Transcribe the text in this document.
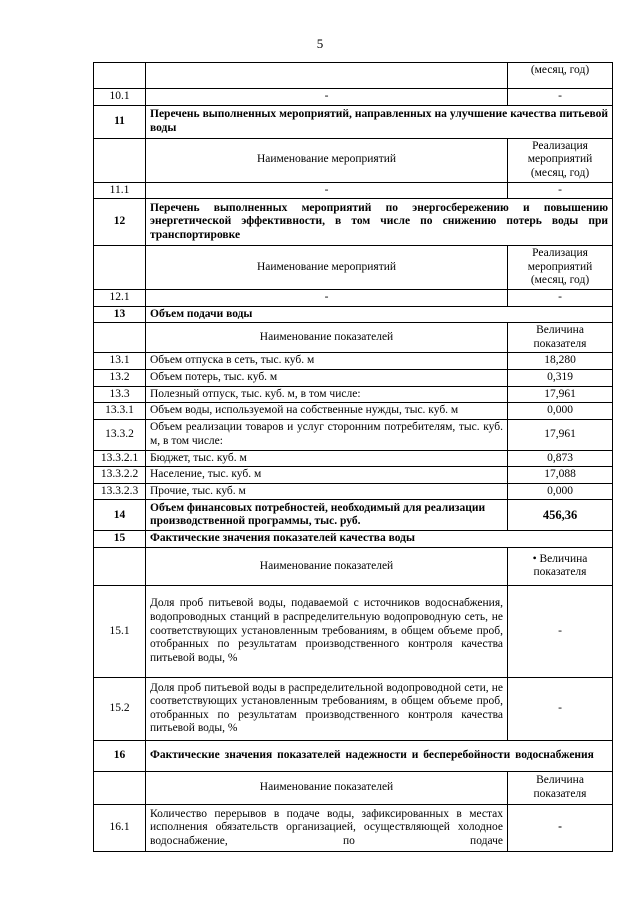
5
		(месяц, год)
10.1	-	-
11	Перечень выполненных мероприятий, направленных на улучшение качества питьевой воды	
	Наименование мероприятий	Реализация мероприятий (месяц, год)
11.1	-	-
12	Перечень выполненных мероприятий по энергосбережению и повышению энергетической эффективности, в том числе по снижению потерь воды при транспортировке	
	Наименование мероприятий	Реализация мероприятий (месяц, год)
12.1	-	-
13	Объем подачи воды	
	Наименование показателей	Величина показателя
13.1	Объем отпуска в сеть, тыс. куб. м	18,280
13.2	Объем потерь, тыс. куб. м	0,319
13.3	Полезный отпуск, тыс. куб. м, в том числе:	17,961
13.3.1	Объем воды, используемой на собственные нужды, тыс. куб. м	0,000
13.3.2	Объем реализации товаров и услуг сторонним потребителям, тыс. куб. м, в том числе:	17,961
13.3.2.1	Бюджет, тыс. куб. м	0,873
13.3.2.2	Население, тыс. куб. м	17,088
13.3.2.3	Прочие, тыс. куб. м	0,000
14	Объем финансовых потребностей, необходимый для реализации производственной программы, тыс. руб.	456,36
15	Фактические значения показателей качества воды	
	Наименование показателей	• Величина показателя
15.1	Доля проб питьевой воды, подаваемой с источников водоснабжения, водопроводных станций в распределительную водопроводную сеть, не соответствующих установленным требованиям, в общем объеме проб, отобранных по результатам производственного контроля качества питьевой воды, %	-
15.2	Доля проб питьевой воды в распределительной водопроводной сети, не соответствующих установленным требованиям, в общем объеме проб, отобранных по результатам производственного контроля качества питьевой воды, %	-
16	Фактические значения показателей надежности и бесперебойности водоснабжения	
	Наименование показателей	Величина показателя
16.1	Количество перерывов в подаче воды, зафиксированных в местах исполнения обязательств организацией, осуществляющей холодное водоснабжение, по подаче	-
